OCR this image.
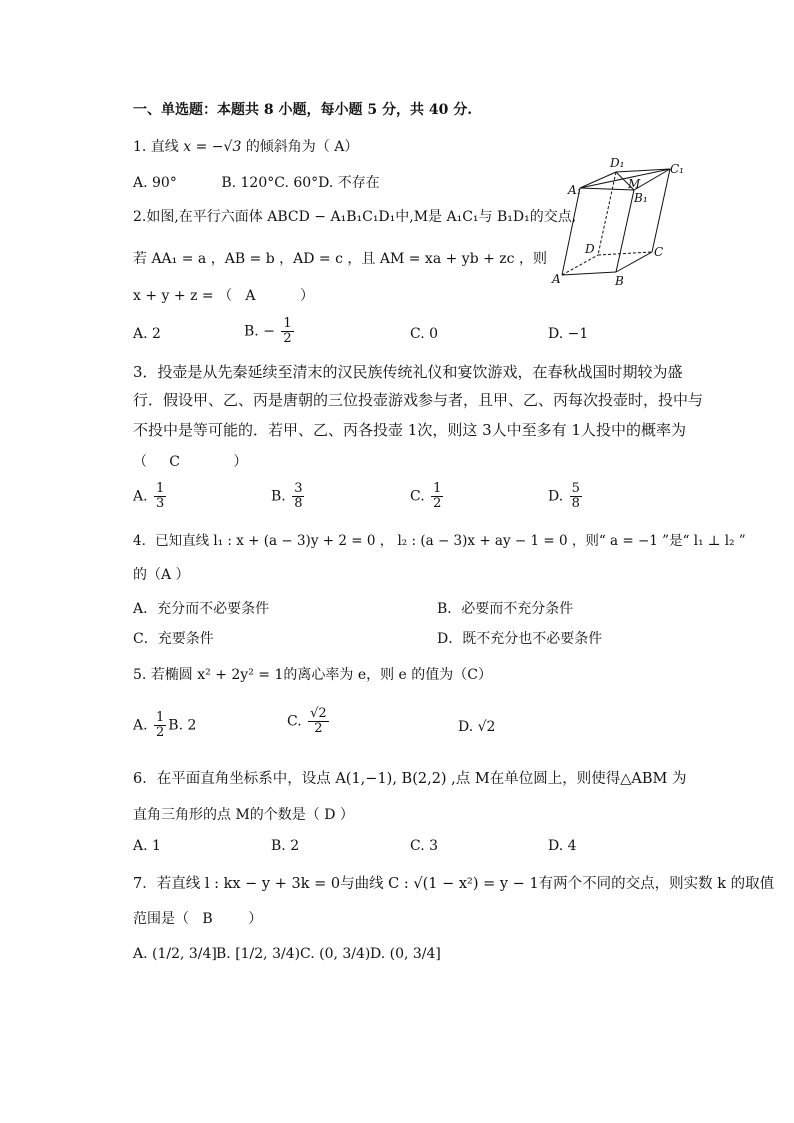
一、单选题：本题共 8 小题，每小题 5 分，共 40 分.
1. 直线 x = −√3 的倾斜角为（ A）
A. 90°          B. 120°C. 60°D. 不存在
2.如图,在平行六面体 ABCD − A₁B₁C₁D₁中,M是 A₁C₁与 B₁D₁的交点,
若 AA₁ = a ，AB = b ，AD = c ，且 AM = xa + yb + zc ，则
x + y + z = （   A          ）
A. 2	B. − $\frac{1}{2}$	C. 0	D. −1
D₁	C₁
A₁	M
B₁
D	C
A	B
3．投壶是从先秦延续至清末的汉民族传统礼仪和宴饮游戏，在春秋战国时期较为盛
行．假设甲、乙、丙是唐朝的三位投壶游戏参与者，且甲、乙、丙每次投壶时，投中与
不投中是等可能的．若甲、乙、丙各投壶 1次，则这 3人中至多有 1人投中的概率为
（     C            ）
A. $\frac{1}{3}$	B. $\frac{3}{8}$	C. $\frac{1}{2}$	D. $\frac{5}{8}$
4．已知直线 l₁ : x + (a − 3)y + 2 = 0 ， l₂ : (a − 3)x + ay − 1 = 0 ，则“ a = −1 ”是“ l₁ ⊥ l₂ ”
的（A ）
A．充分而不必要条件	B．必要而不充分条件
C．充要条件	D．既不充分也不必要条件
5. 若椭圆 x² + 2y² = 1的离心率为 e，则 e 的值为（C）
A. $\frac{1}{2} B$. 2	C. $\frac{√2}{2}$	D. √2
6．在平面直角坐标系中，设点 A(1,−1), B(2,2) ,点 M在单位圆上，则使得△ABM 为
直角三角形的点 M的个数是（ D ）
A. 1	B. 2	C. 3	D. 4
7．若直线 l : kx − y + 3k = 0与曲线 C : √(1 − x²) = y − 1有两个不同的交点，则实数 k 的取值
范围是（   B        ）
A. (1/2, 3/4] B. [1/2, 3/4) C. (0, 3/4) D. (0, 3/4]
